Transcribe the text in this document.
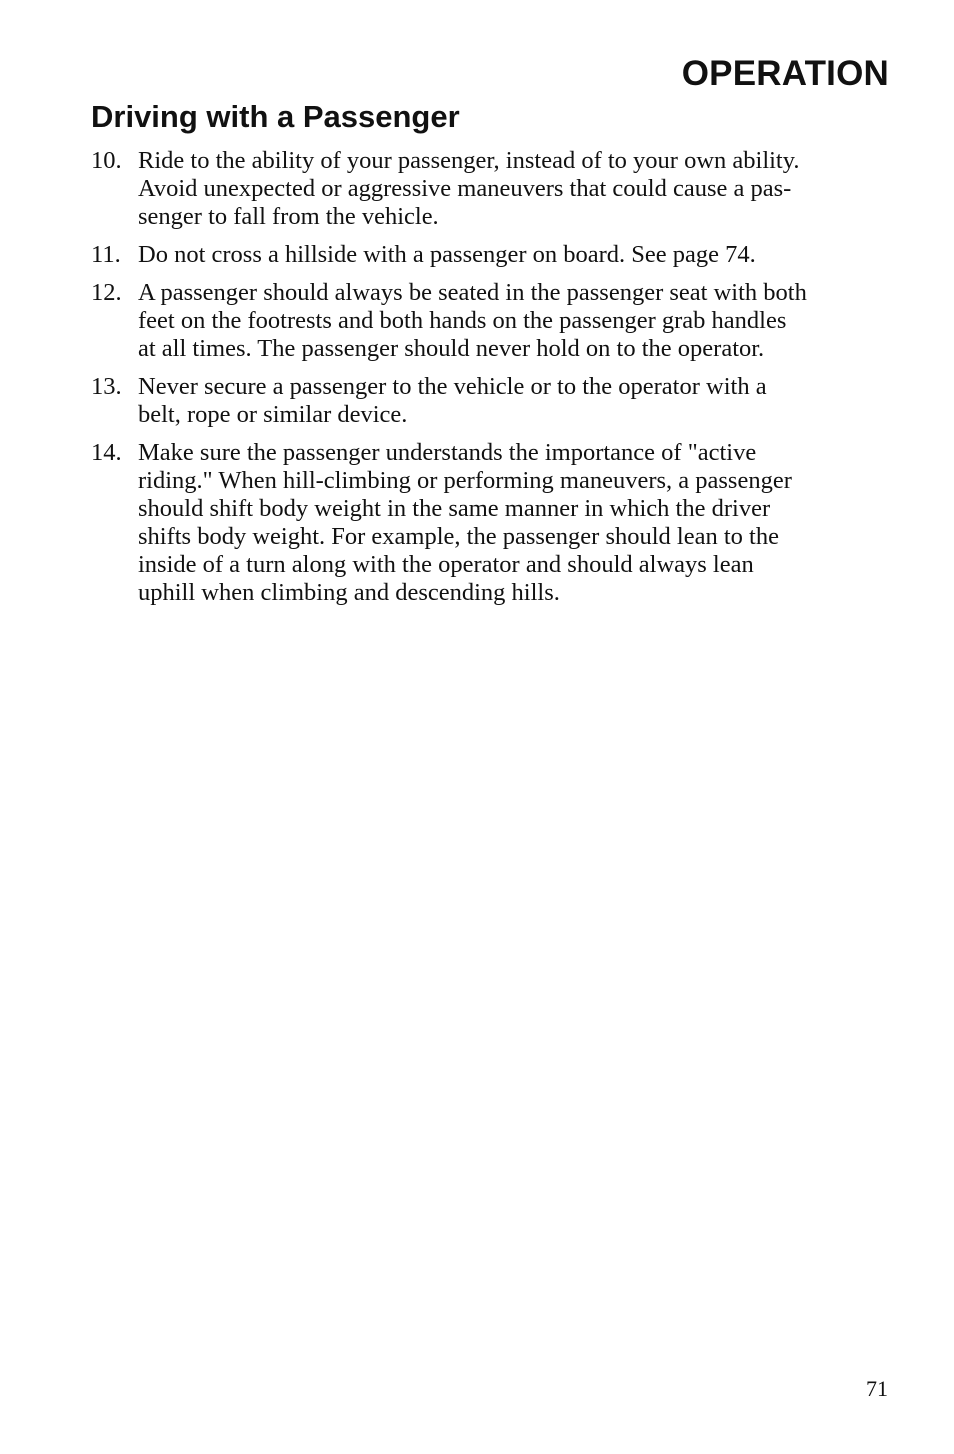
OPERATION
Driving with a Passenger
10. Ride to the ability of your passenger, instead of to your own ability.
Avoid unexpected or aggressive maneuvers that could cause a pas-
senger to fall from the vehicle.
11. Do not cross a hillside with a passenger on board. See page 74.
12. A passenger should always be seated in the passenger seat with both
feet on the footrests and both hands on the passenger grab handles
at all times. The passenger should never hold on to the operator.
13. Never secure a passenger to the vehicle or to the operator with a
belt, rope or similar device.
14. Make sure the passenger understands the importance of "active
riding." When hill-climbing or performing maneuvers, a passenger
should shift body weight in the same manner in which the driver
shifts body weight. For example, the passenger should lean to the
inside of a turn along with the operator and should always lean
uphill when climbing and descending hills.
71
